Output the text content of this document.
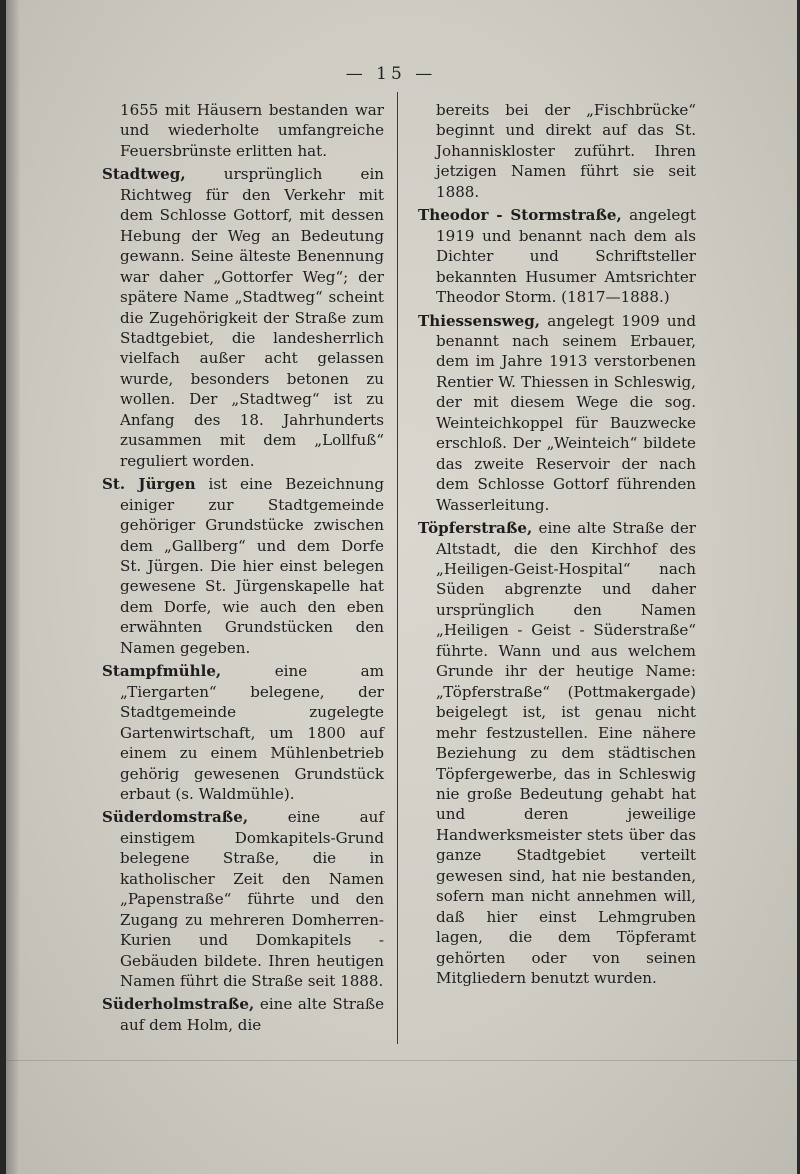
— 15 —

1655 mit Häusern bestanden war und wiederholte umfangreiche Feuersbrünste erlitten hat.

Stadtweg, ursprünglich ein Richtweg für den Verkehr mit dem Schlosse Gottorf, mit dessen Hebung der Weg an Bedeutung gewann. Seine älteste Benennung war daher „Gottorfer Weg“; der spätere Name „Stadtweg“ scheint die Zugehörigkeit der Straße zum Stadtgebiet, die landesherrlich vielfach außer acht gelassen wurde, besonders betonen zu wollen. Der „Stadtweg“ ist zu Anfang des 18. Jahrhunderts zusammen mit dem „Lollfuß“ reguliert worden.

St. Jürgen ist eine Bezeichnung einiger zur Stadtgemeinde gehöriger Grundstücke zwischen dem „Gallberg“ und dem Dorfe St. Jürgen. Die hier einst belegen gewesene St. Jürgenskapelle hat dem Dorfe, wie auch den eben erwähnten Grundstücken den Namen gegeben.

Stampfmühle, eine am „Tiergarten“ belegene, der Stadtgemeinde zugelegte Gartenwirtschaft, um 1800 auf einem zu einem Mühlenbetrieb gehörig gewesenen Grundstück erbaut (s. Waldmühle).

Süderdomstraße, eine auf einstigem Domkapitels-Grund belegene Straße, die in katholischer Zeit den Namen „Papenstraße“ führte und den Zugang zu mehreren Domherren-Kurien und Domkapitels - Gebäuden bildete. Ihren heutigen Namen führt die Straße seit 1888.

Süderholmstraße, eine alte Straße auf dem Holm, die

bereits bei der „Fischbrücke“ beginnt und direkt auf das St. Johanniskloster zuführt. Ihren jetzigen Namen führt sie seit 1888.

Theodor - Stormstraße, angelegt 1919 und benannt nach dem als Dichter und Schriftsteller bekannten Husumer Amtsrichter Theodor Storm. (1817—1888.)

Thiessensweg, angelegt 1909 und benannt nach seinem Erbauer, dem im Jahre 1913 verstorbenen Rentier W. Thiessen in Schleswig, der mit diesem Wege die sog. Weinteichkoppel für Bauzwecke erschloß. Der „Weinteich“ bildete das zweite Reservoir der nach dem Schlosse Gottorf führenden Wasserleitung.

Töpferstraße, eine alte Straße der Altstadt, die den Kirchhof des „Heiligen-Geist-Hospital“ nach Süden abgrenzte und daher ursprünglich den Namen „Heiligen - Geist - Süderstraße“ führte. Wann und aus welchem Grunde ihr der heutige Name: „Töpferstraße“ (Pottmakergade) beigelegt ist, ist genau nicht mehr festzustellen. Eine nähere Beziehung zu dem städtischen Töpfergewerbe, das in Schleswig nie große Bedeutung gehabt hat und deren jeweilige Handwerksmeister stets über das ganze Stadtgebiet verteilt gewesen sind, hat nie bestanden, sofern man nicht annehmen will, daß hier einst Lehmgruben lagen, die dem Töpferamt gehörten oder von seinen Mitgliedern benutzt wurden.
